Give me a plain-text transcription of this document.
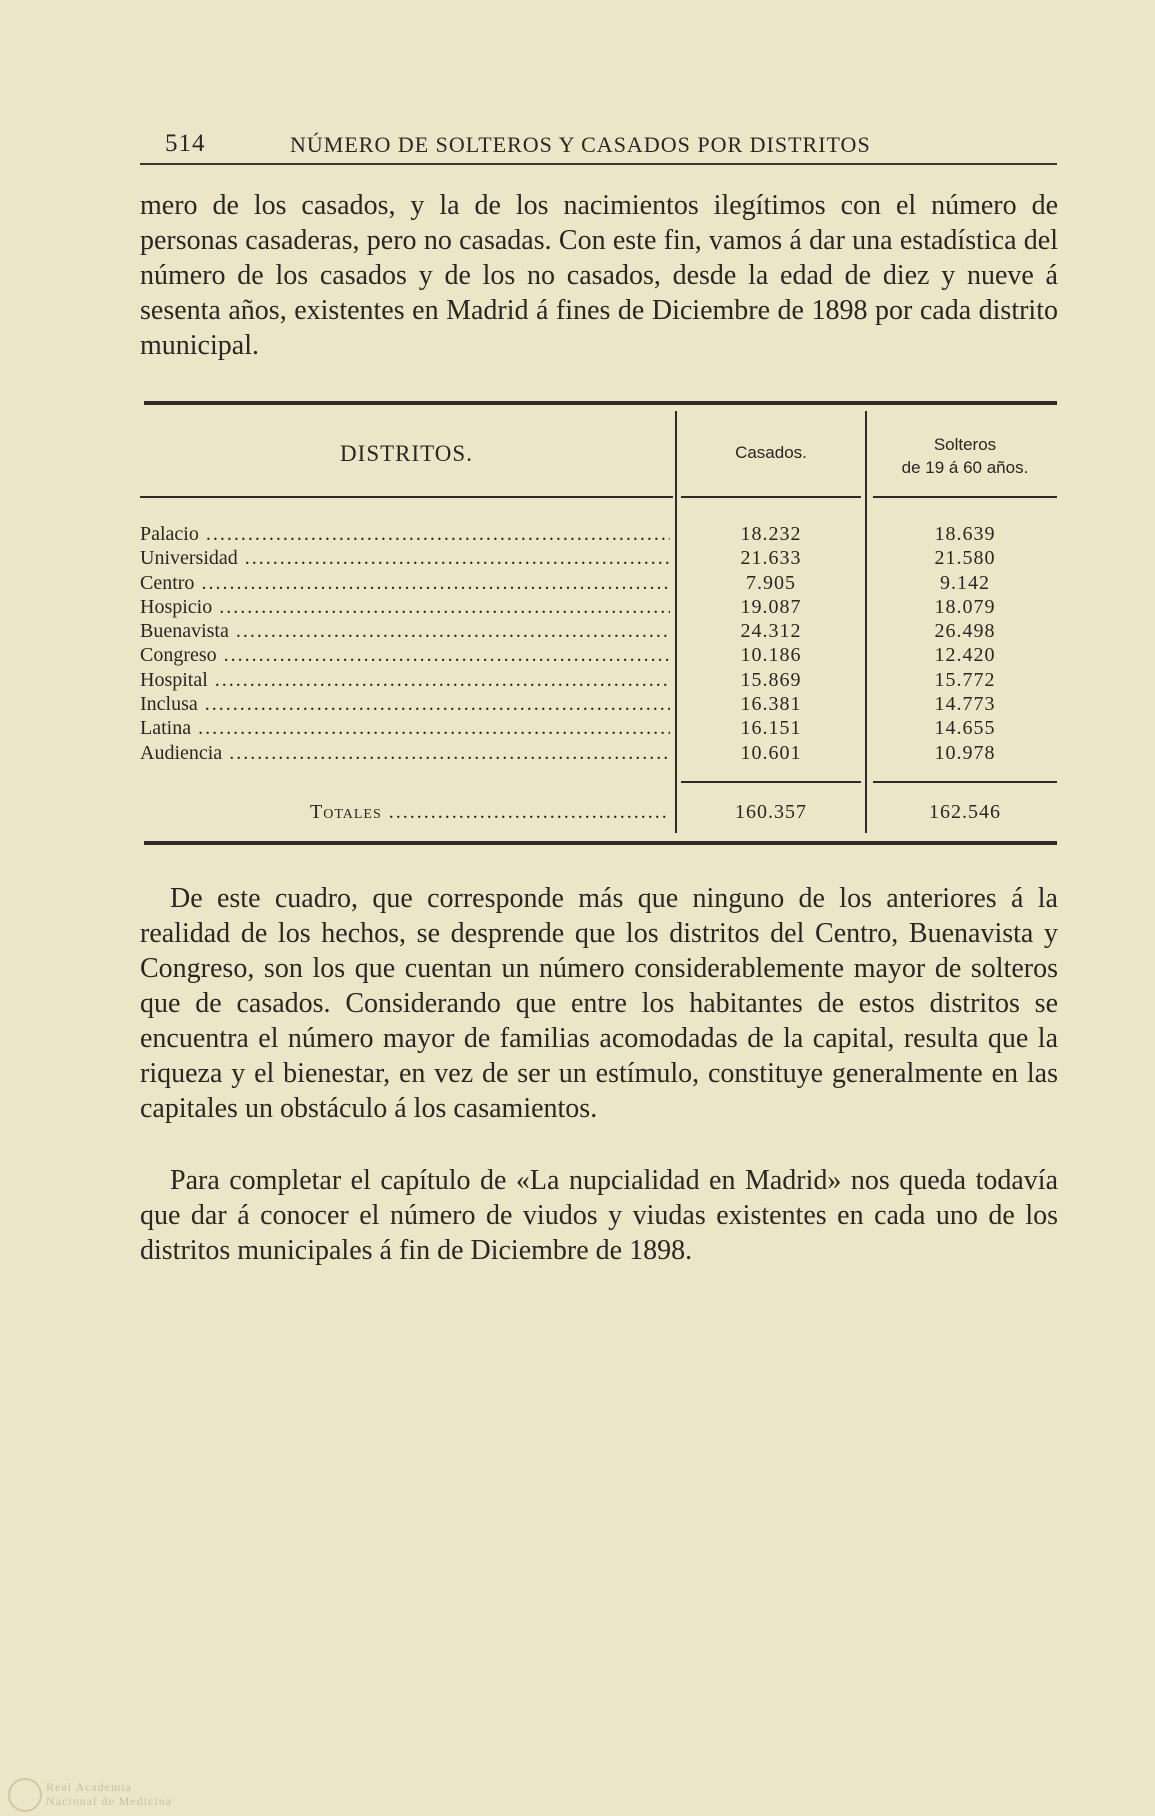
514	NÚMERO DE SOLTEROS Y CASADOS POR DISTRITOS

mero de los casados, y la de los nacimientos ilegítimos con el número de personas casaderas, pero no casadas. Con este fin, vamos á dar una estadística del número de los casados y de los no casados, desde la edad de diez y nueve á sesenta años, existentes en Madrid á fines de Diciembre de 1898 por cada distrito municipal.

DISTRITOS.	Casados.	Solteros
de 19 á 60 años.
Palacio .....	18.232	18.639
Universidad .....	21.633	21.580
Centro .....	7.905	9.142
Hospicio .....	19.087	18.079
Buenavista .....	24.312	26.498
Congreso .....	10.186	12.420
Hospital .....	15.869	15.772
Inclusa .....	16.381	14.773
Latina .....	16.151	14.655
Audiencia .....	10.601	10.978
Totales .....	160.357	162.546

De este cuadro, que corresponde más que ninguno de los anteriores á la realidad de los hechos, se desprende que los distritos del Centro, Buenavista y Congreso, son los que cuentan un número considerablemente mayor de solteros que de casados. Considerando que entre los habitantes de estos distritos se encuentra el número mayor de familias acomodadas de la capital, resulta que la riqueza y el bienestar, en vez de ser un estímulo, constituye generalmente en las capitales un obstáculo á los casamientos.

Para completar el capítulo de «La nupcialidad en Madrid» nos queda todavía que dar á conocer el número de viudos y viudas existentes en cada uno de los distritos municipales á fin de Diciembre de 1898.

Real Academia
Nacional de Medicina
